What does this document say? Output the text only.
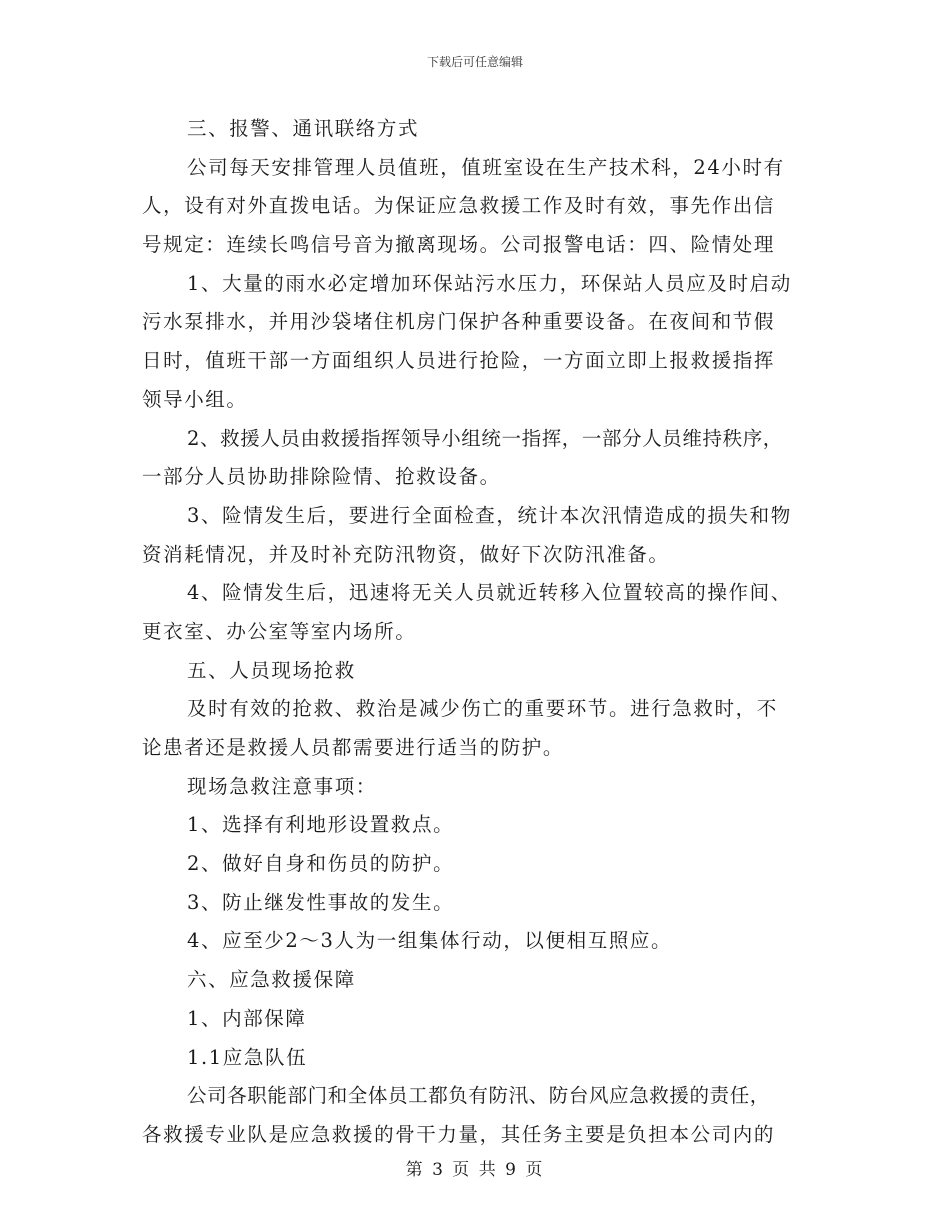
下载后可任意编辑
三、报警、通讯联络方式
公司每天安排管理人员值班，值班室设在生产技术科，24小时有
人，设有对外直拨电话。为保证应急救援工作及时有效，事先作出信
号规定：连续长鸣信号音为撤离现场。公司报警电话：四、险情处理
1、大量的雨水必定增加环保站污水压力，环保站人员应及时启动
污水泵排水，并用沙袋堵住机房门保护各种重要设备。在夜间和节假
日时，值班干部一方面组织人员进行抢险，一方面立即上报救援指挥
领导小组。
2、救援人员由救援指挥领导小组统一指挥，一部分人员维持秩序，
一部分人员协助排除险情、抢救设备。
3、险情发生后，要进行全面检查，统计本次汛情造成的损失和物
资消耗情况，并及时补充防汛物资，做好下次防汛准备。
4、险情发生后，迅速将无关人员就近转移入位置较高的操作间、
更衣室、办公室等室内场所。
五、人员现场抢救
及时有效的抢救、救治是减少伤亡的重要环节。进行急救时，不
论患者还是救援人员都需要进行适当的防护。
现场急救注意事项：
1、选择有利地形设置救点。
2、做好自身和伤员的防护。
3、防止继发性事故的发生。
4、应至少2～3人为一组集体行动，以便相互照应。
六、应急救援保障
1、内部保障
1.1应急队伍
公司各职能部门和全体员工都负有防汛、防台风应急救援的责任，
各救援专业队是应急救援的骨干力量，其任务主要是负担本公司内的
第 3 页 共 9 页
